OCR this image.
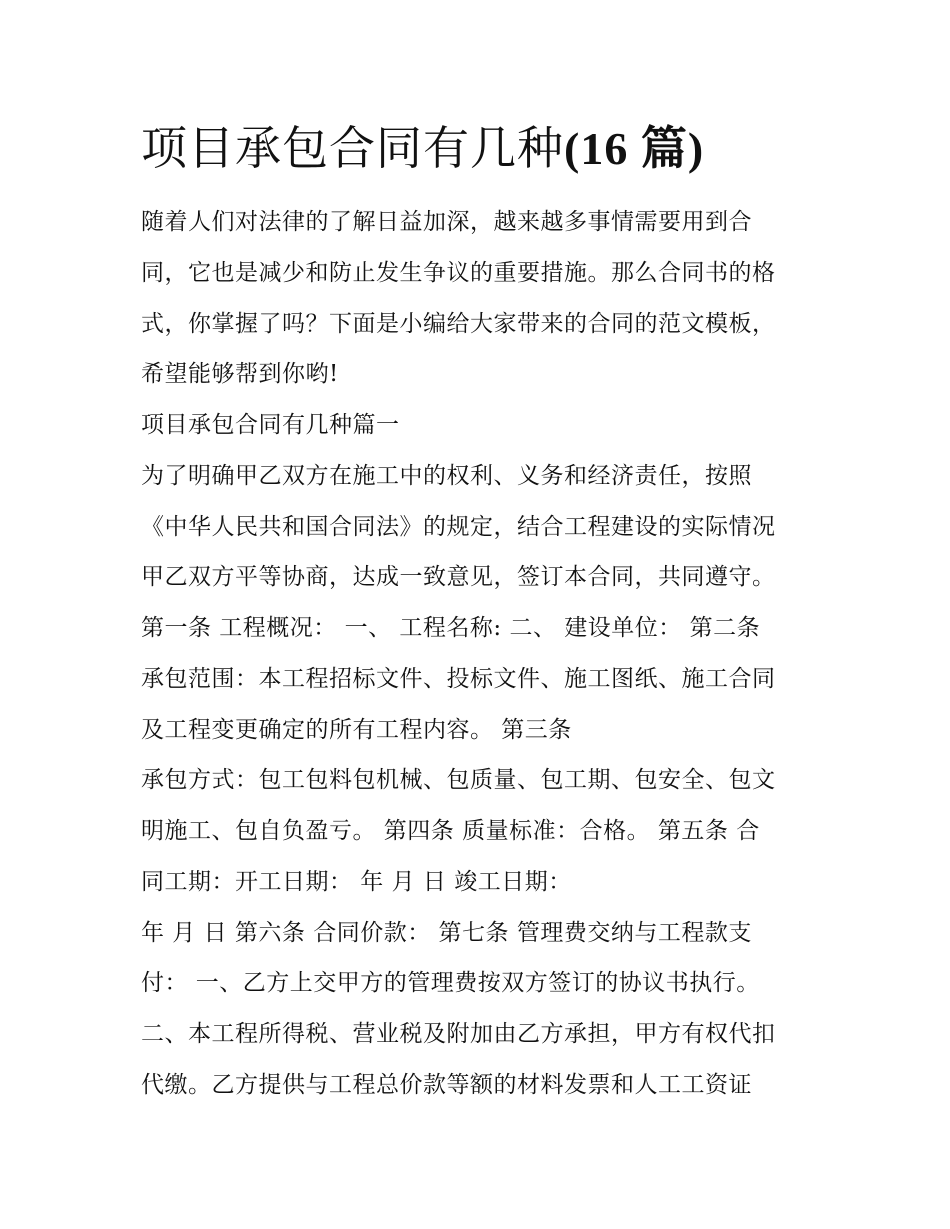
项目承包合同有几种(16 篇)

随着人们对法律的了解日益加深，越来越多事情需要用到合

同，它也是减少和防止发生争议的重要措施。那么合同书的格

式，你掌握了吗？下面是小编给大家带来的合同的范文模板，

希望能够帮到你哟!

项目承包合同有几种篇一

为了明确甲乙双方在施工中的权利、义务和经济责任，按照

《中华人民共和国合同法》的规定，结合工程建设的实际情况

甲乙双方平等协商，达成一致意见，签订本合同，共同遵守。

第一条 工程概况： 一、 工程名称: 二、 建设单位： 第二条

承包范围：本工程招标文件、投标文件、施工图纸、施工合同

及工程变更确定的所有工程内容。 第三条

承包方式：包工包料包机械、包质量、包工期、包安全、包文

明施工、包自负盈亏。 第四条 质量标准：合格。 第五条 合

同工期：开工日期： 年 月 日 竣工日期：

年 月 日 第六条 合同价款： 第七条 管理费交纳与工程款支

付： 一、乙方上交甲方的管理费按双方签订的协议书执行。

二、本工程所得税、营业税及附加由乙方承担，甲方有权代扣

代缴。乙方提供与工程总价款等额的材料发票和人工工资证
